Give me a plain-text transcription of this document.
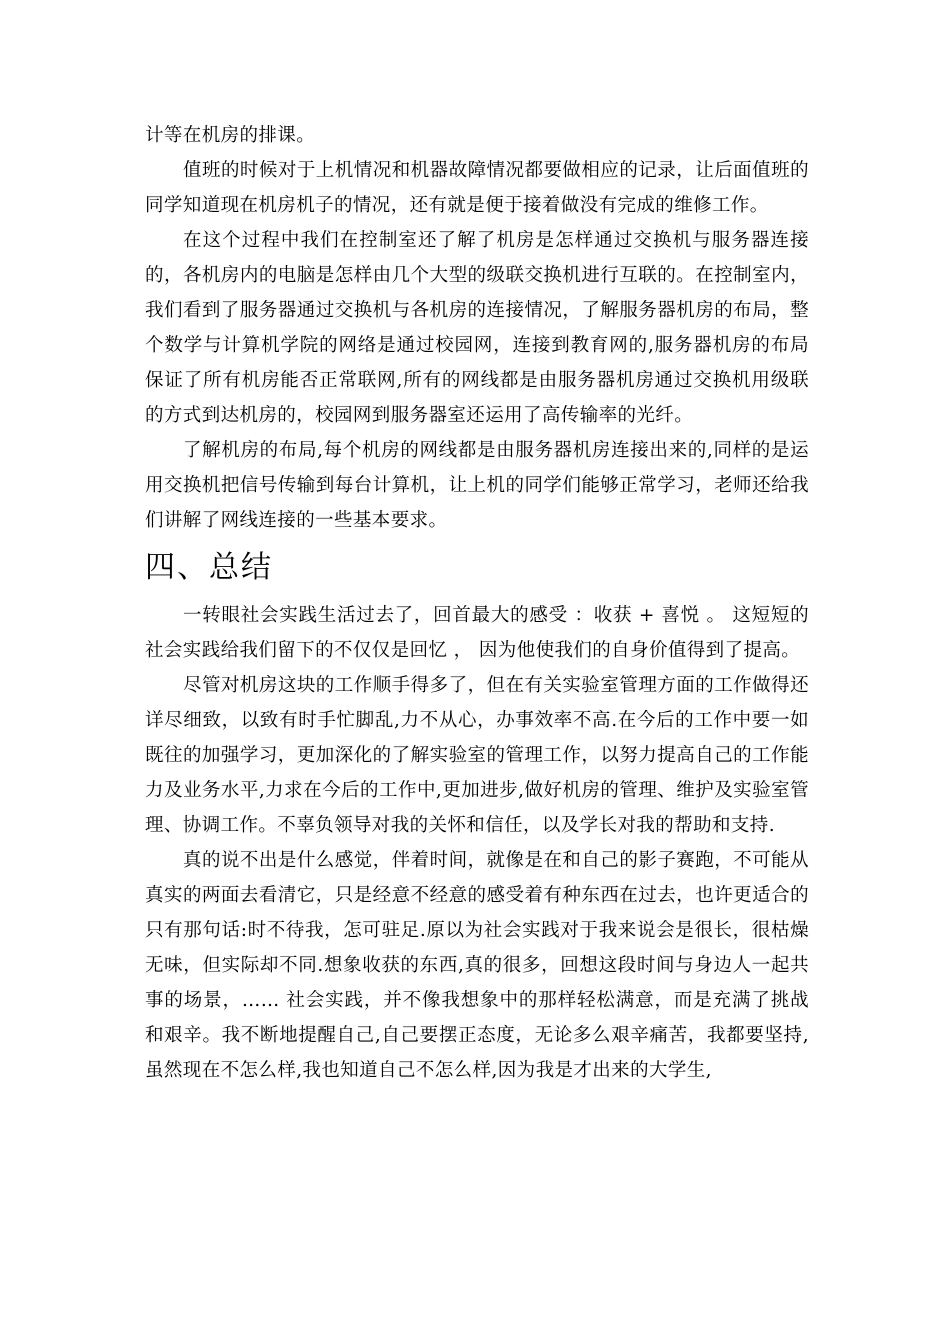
计等在机房的排课。

值班的时候对于上机情况和机器故障情况都要做相应的记录，让后面值班的同学知道现在机房机子的情况，还有就是便于接着做没有完成的维修工作。

在这个过程中我们在控制室还了解了机房是怎样通过交换机与服务器连接的，各机房内的电脑是怎样由几个大型的级联交换机进行互联的。在控制室内，我们看到了服务器通过交换机与各机房的连接情况，了解服务器机房的布局，整个数学与计算机学院的网络是通过校园网，连接到教育网的,服务器机房的布局保证了所有机房能否正常联网,所有的网线都是由服务器机房通过交换机用级联的方式到达机房的，校园网到服务器室还运用了高传输率的光纤。

了解机房的布局,每个机房的网线都是由服务器机房连接出来的,同样的是运用交换机把信号传输到每台计算机，让上机的同学们能够正常学习，老师还给我们讲解了网线连接的一些基本要求。

四、总结

一转眼社会实践生活过去了，回首最大的感受 ：收获 + 喜悦 。 这短短的社会实践给我们留下的不仅仅是回忆 ， 因为他使我们的自身价值得到了提高。

尽管对机房这块的工作顺手得多了，但在有关实验室管理方面的工作做得还详尽细致，以致有时手忙脚乱,力不从心，办事效率不高.在今后的工作中要一如既往的加强学习，更加深化的了解实验室的管理工作，以努力提高自己的工作能力及业务水平,力求在今后的工作中,更加进步,做好机房的管理、维护及实验室管理、协调工作。不辜负领导对我的关怀和信任，以及学长对我的帮助和支持.

真的说不出是什么感觉，伴着时间，就像是在和自己的影子赛跑，不可能从真实的两面去看清它，只是经意不经意的感受着有种东西在过去，也许更适合的只有那句话:时不待我，怎可驻足.原以为社会实践对于我来说会是很长，很枯燥无味，但实际却不同.想象收获的东西,真的很多，回想这段时间与身边人一起共事的场景，…… 社会实践，并不像我想象中的那样轻松满意，而是充满了挑战和艰辛。我不断地提醒自己,自己要摆正态度，无论多么艰辛痛苦，我都要坚持,虽然现在不怎么样,我也知道自己不怎么样,因为我是才出来的大学生,
